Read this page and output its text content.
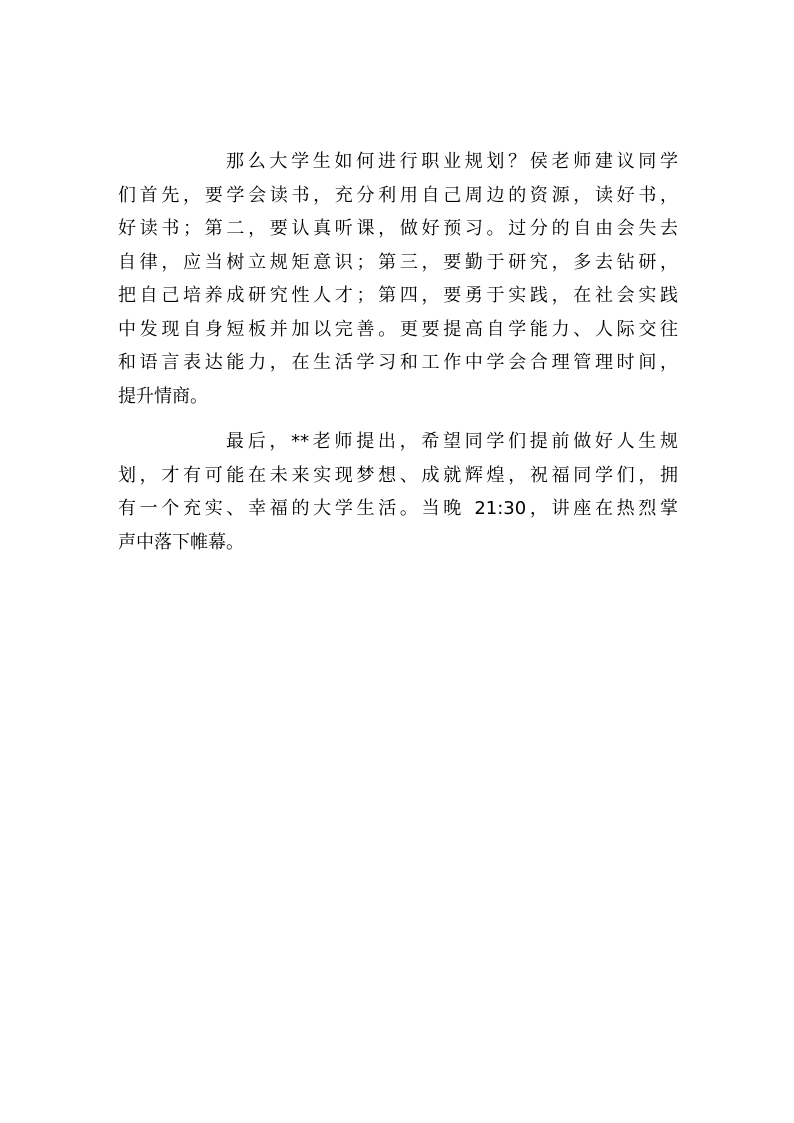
那么大学生如何进行职业规划？侯老师建议同学
们首先，要学会读书，充分利用自己周边的资源，读好书，
好读书；第二，要认真听课，做好预习。过分的自由会失去
自律，应当树立规矩意识；第三，要勤于研究，多去钻研，
把自己培养成研究性人才；第四，要勇于实践，在社会实践
中发现自身短板并加以完善。更要提高自学能力、人际交往
和语言表达能力，在生活学习和工作中学会合理管理时间，
提升情商。
最后，**老师提出，希望同学们提前做好人生规
划，才有可能在未来实现梦想、成就辉煌，祝福同学们，拥
有一个充实、幸福的大学生活。当晚 21:30，讲座在热烈掌
声中落下帷幕。
